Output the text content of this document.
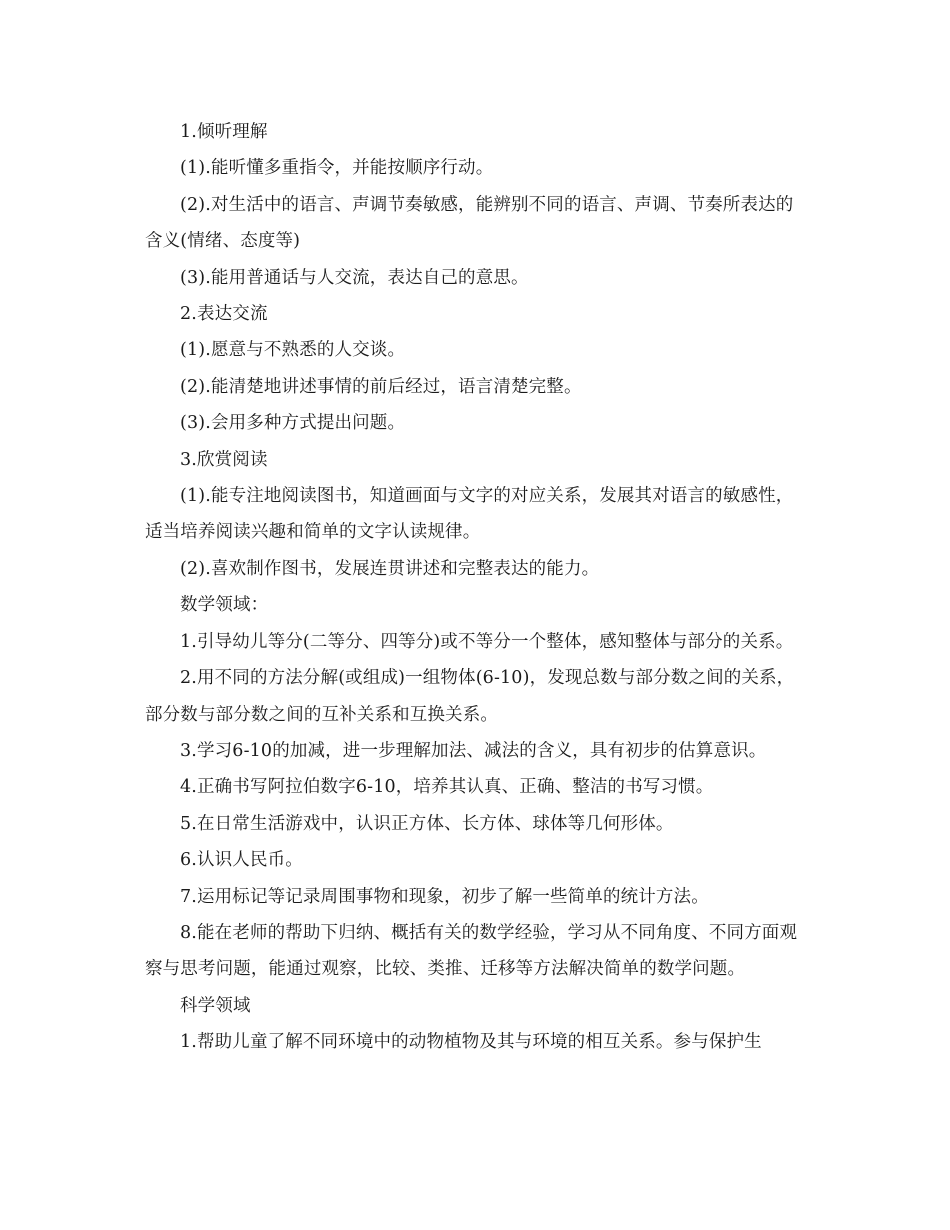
1.倾听理解

(1).能听懂多重指令，并能按顺序行动。

(2).对生活中的语言、声调节奏敏感，能辨别不同的语言、声调、节奏所表达的含义(情绪、态度等)

(3).能用普通话与人交流，表达自己的意思。

2.表达交流

(1).愿意与不熟悉的人交谈。

(2).能清楚地讲述事情的前后经过，语言清楚完整。

(3).会用多种方式提出问题。

3.欣赏阅读

(1).能专注地阅读图书，知道画面与文字的对应关系，发展其对语言的敏感性，适当培养阅读兴趣和简单的文字认读规律。

(2).喜欢制作图书，发展连贯讲述和完整表达的能力。

数学领域：

1.引导幼儿等分(二等分、四等分)或不等分一个整体，感知整体与部分的关系。

2.用不同的方法分解(或组成)一组物体(6-10)，发现总数与部分数之间的关系，部分数与部分数之间的互补关系和互换关系。

3.学习6-10的加减，进一步理解加法、减法的含义，具有初步的估算意识。

4.正确书写阿拉伯数字6-10，培养其认真、正确、整洁的书写习惯。

5.在日常生活游戏中，认识正方体、长方体、球体等几何形体。

6.认识人民币。

7.运用标记等记录周围事物和现象，初步了解一些简单的统计方法。

8.能在老师的帮助下归纳、概括有关的数学经验，学习从不同角度、不同方面观察与思考问题，能通过观察，比较、类推、迁移等方法解决简单的数学问题。

科学领域

1.帮助儿童了解不同环境中的动物植物及其与环境的相互关系。参与保护生
